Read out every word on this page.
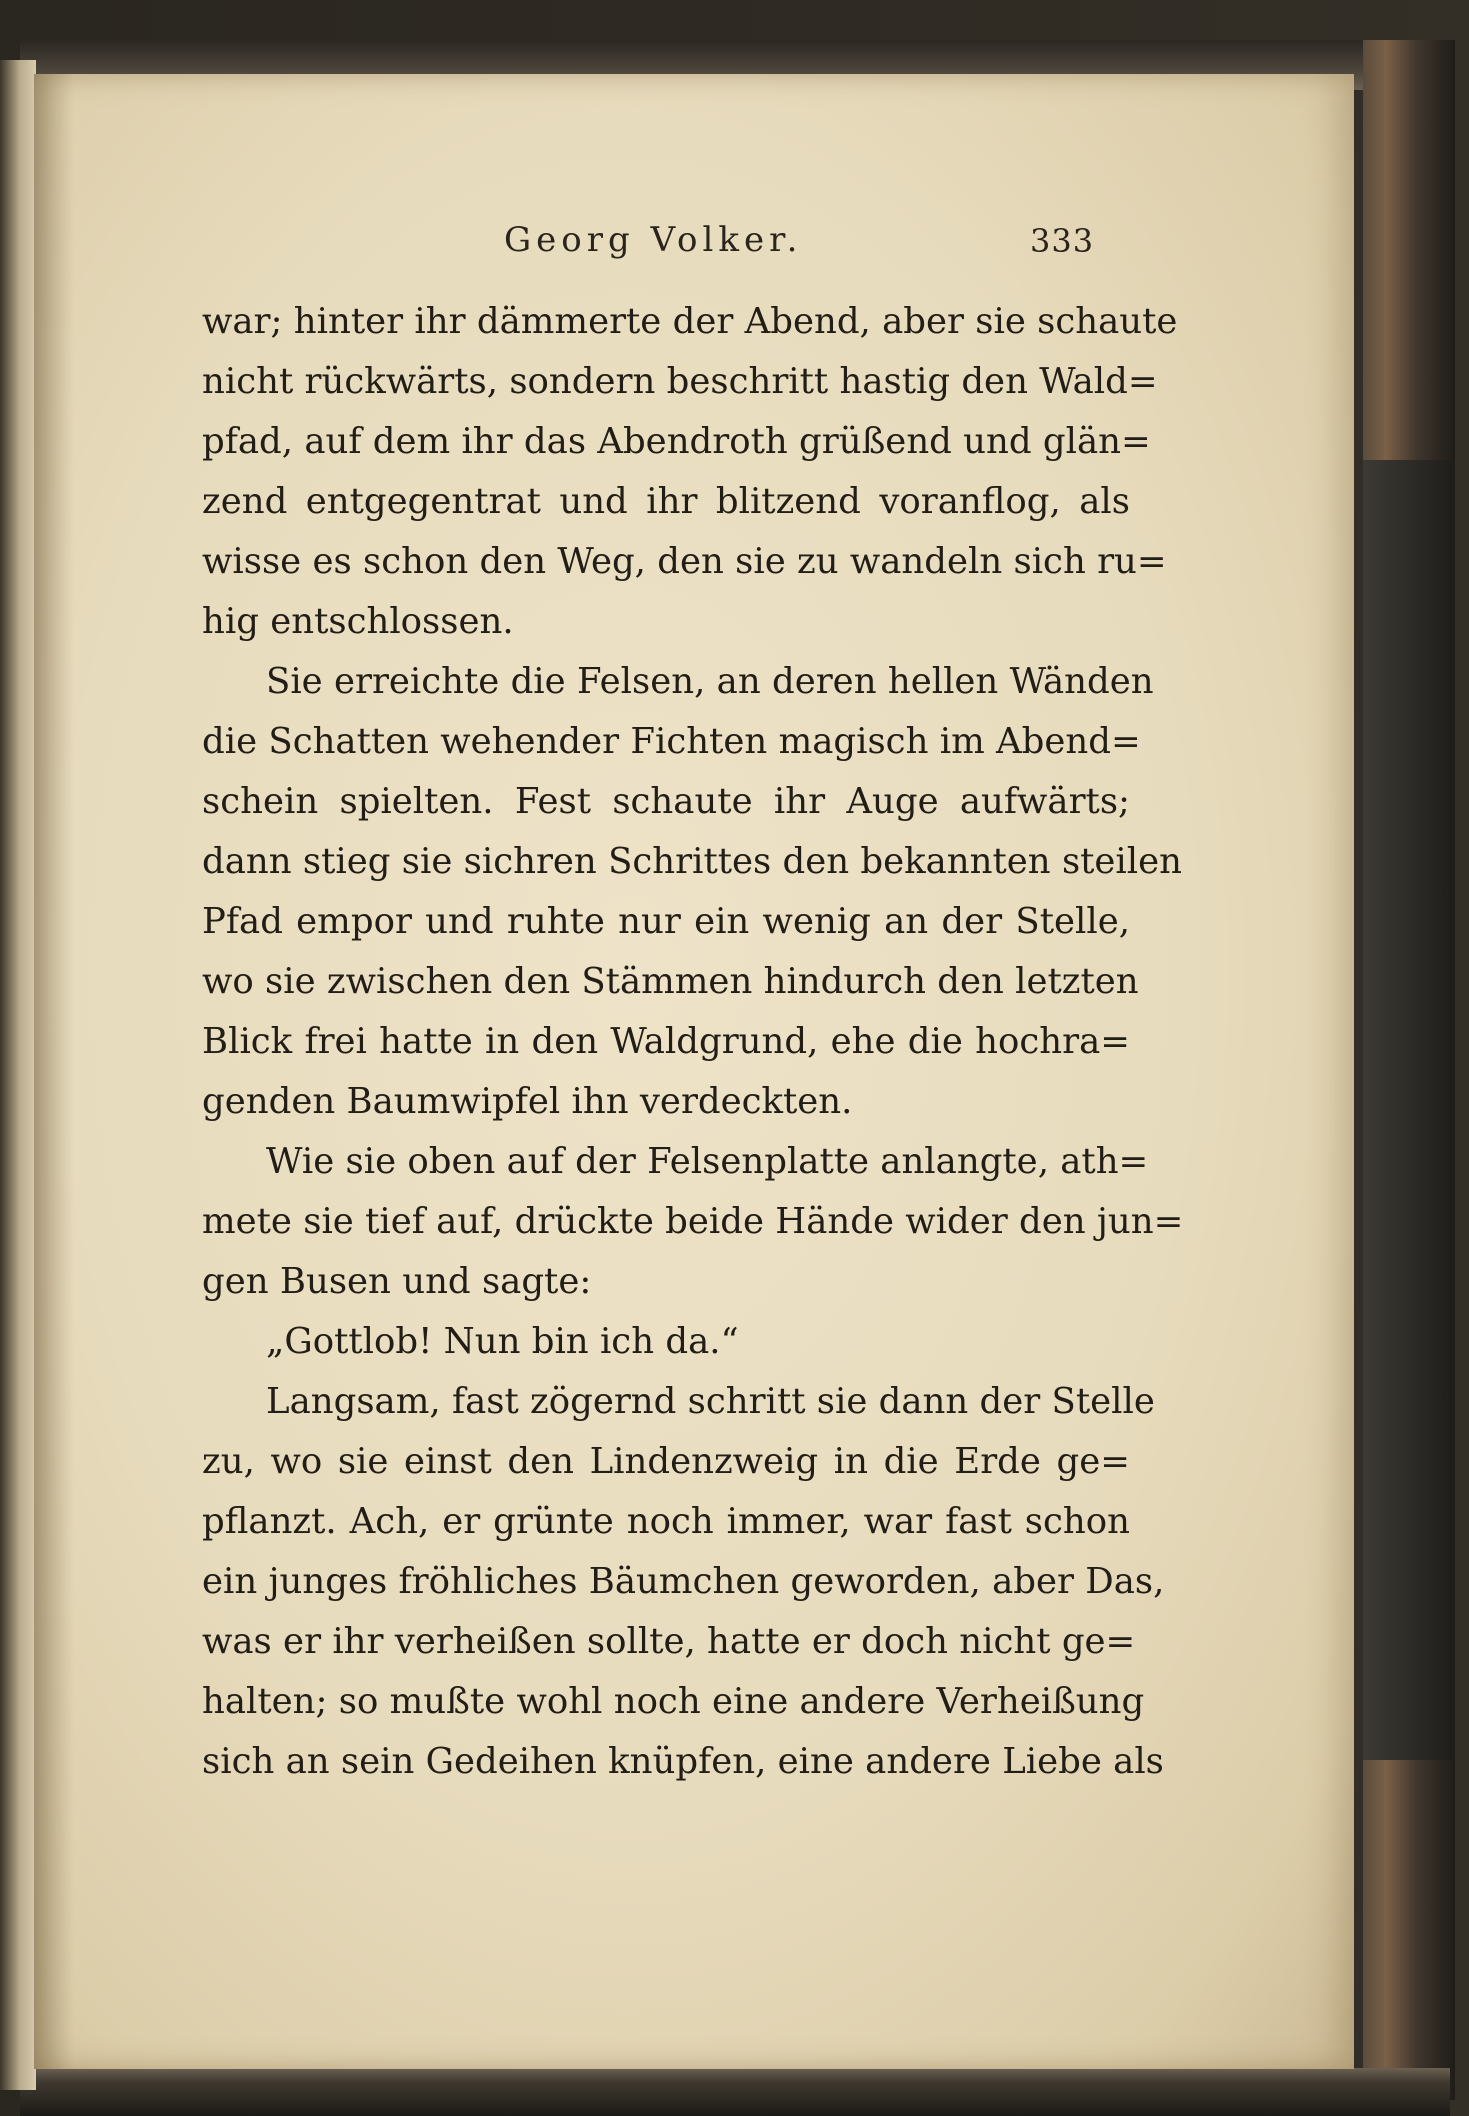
Georg Volker.	333
war; hinter ihr dämmerte der Abend, aber sie schaute
nicht rückwärts, sondern beschritt hastig den Wald=
pfad, auf dem ihr das Abendroth grüßend und glän=
zend entgegentrat und ihr blitzend voranflog, als
wisse es schon den Weg, den sie zu wandeln sich ru=
hig entschlossen.
Sie erreichte die Felsen, an deren hellen Wänden
die Schatten wehender Fichten magisch im Abend=
schein spielten. Fest schaute ihr Auge aufwärts;
dann stieg sie sichren Schrittes den bekannten steilen
Pfad empor und ruhte nur ein wenig an der Stelle,
wo sie zwischen den Stämmen hindurch den letzten
Blick frei hatte in den Waldgrund, ehe die hochra=
genden Baumwipfel ihn verdeckten.
Wie sie oben auf der Felsenplatte anlangte, ath=
mete sie tief auf, drückte beide Hände wider den jun=
gen Busen und sagte:
„Gottlob! Nun bin ich da.“
Langsam, fast zögernd schritt sie dann der Stelle
zu, wo sie einst den Lindenzweig in die Erde ge=
pflanzt. Ach, er grünte noch immer, war fast schon
ein junges fröhliches Bäumchen geworden, aber Das,
was er ihr verheißen sollte, hatte er doch nicht ge=
halten; so mußte wohl noch eine andere Verheißung
sich an sein Gedeihen knüpfen, eine andere Liebe als
